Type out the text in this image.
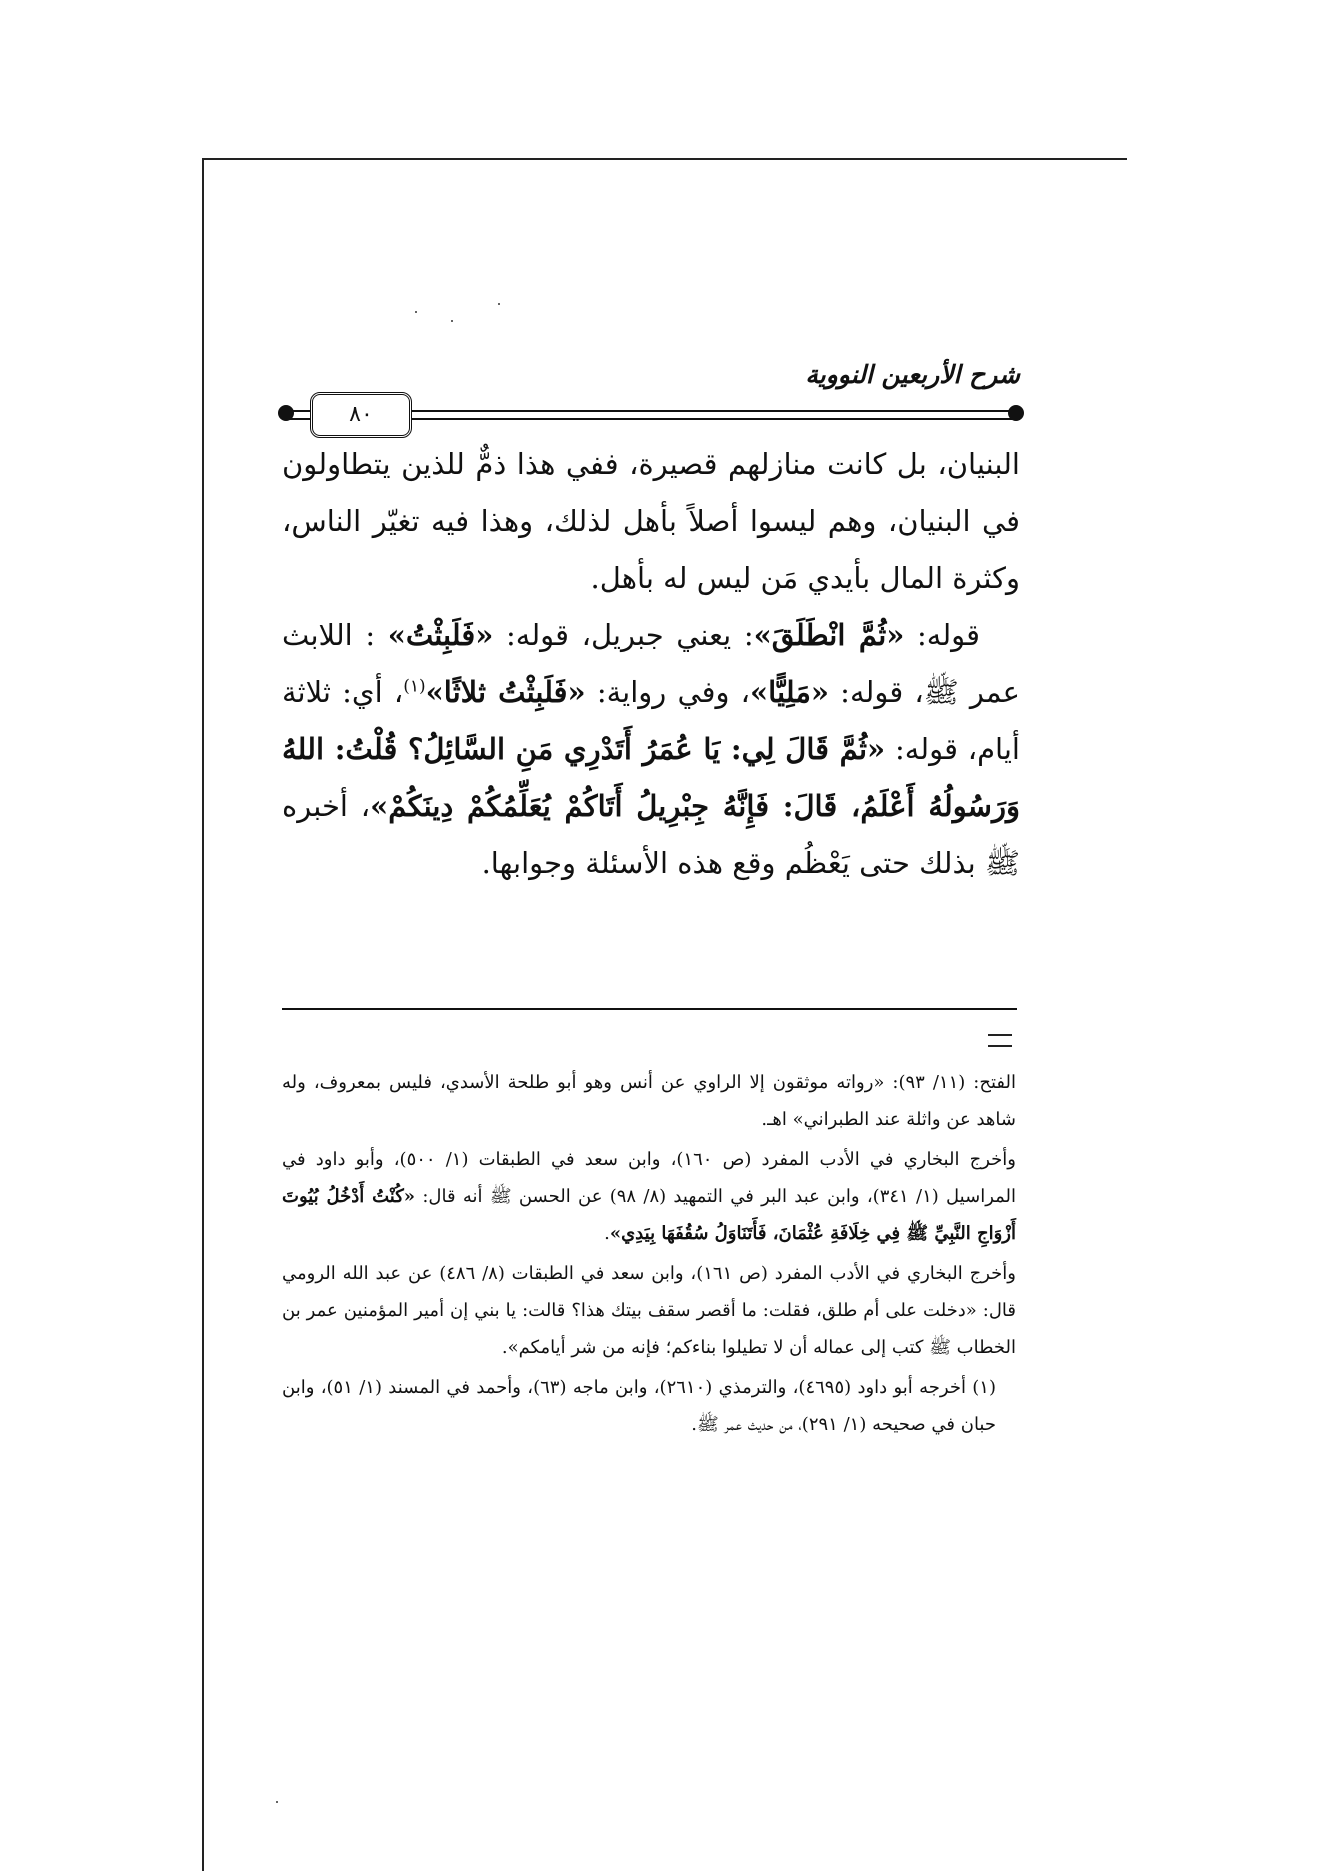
شرح الأربعين النووية
٨٠

البنيان، بل كانت منازلهم قصيرة، ففي هذا ذمٌّ للذين يتطاولون في البنيان، وهم ليسوا أصلاً بأهل لذلك، وهذا فيه تغيّر الناس، وكثرة المال بأيدي مَن ليس له بأهل.

قوله: «ثُمَّ انْطَلَقَ»: يعني جبريل، قوله: «فَلَبِثْتُ» : اللابث عمر ﷺ، قوله: «مَلِيًّا»، وفي رواية: «فَلَبِثْتُ ثلاثًا»$^{(١)}$، أي: ثلاثة أيام، قوله: «ثُمَّ قَالَ لِي: يَا عُمَرُ أَتَدْرِي مَنِ السَّائِلُ؟ قُلْتُ: اللهُ وَرَسُولُهُ أَعْلَمُ، قَالَ: فَإِنَّهُ جِبْرِيلُ أَتَاكُمْ يُعَلِّمُكُمْ دِينَكُمْ»، أخبره ﷺ بذلك حتى يَعْظُم وقع هذه الأسئلة وجوابها.

الفتح: (١١/ ٩٣): «رواته موثقون إلا الراوي عن أنس وهو أبو طلحة الأسدي، فليس بمعروف، وله شاهد عن واثلة عند الطبراني» اهـ.

وأخرج البخاري في الأدب المفرد (ص ١٦٠)، وابن سعد في الطبقات (١/ ٥٠٠)، وأبو داود في المراسيل (١/ ٣٤١)، وابن عبد البر في التمهيد (٨/ ٩٨) عن الحسن ﷺ أنه قال: «كُنْتُ أَدْخُلُ بُيُوتَ أَزْوَاجِ النَّبِيِّ ﷺ فِي خِلَافَةِ عُثْمَانَ، فَأَتَنَاوَلُ سُقُفَهَا بِيَدِي».

وأخرج البخاري في الأدب المفرد (ص ١٦١)، وابن سعد في الطبقات (٨/ ٤٨٦) عن عبد الله الرومي قال: «دخلت على أم طلق، فقلت: ما أقصر سقف بيتك هذا؟ قالت: يا بني إن أمير المؤمنين عمر بن الخطاب ﷺ كتب إلى عماله أن لا تطيلوا بناءكم؛ فإنه من شر أيامكم».

(١) أخرجه أبو داود (٤٦٩٥)، والترمذي (٢٦١٠)، وابن ماجه (٦٣)، وأحمد في المسند (١/ ٥١)، وابن حبان في صحيحه (١/ ٢٩١)، من حديث عمر ﷺ.
